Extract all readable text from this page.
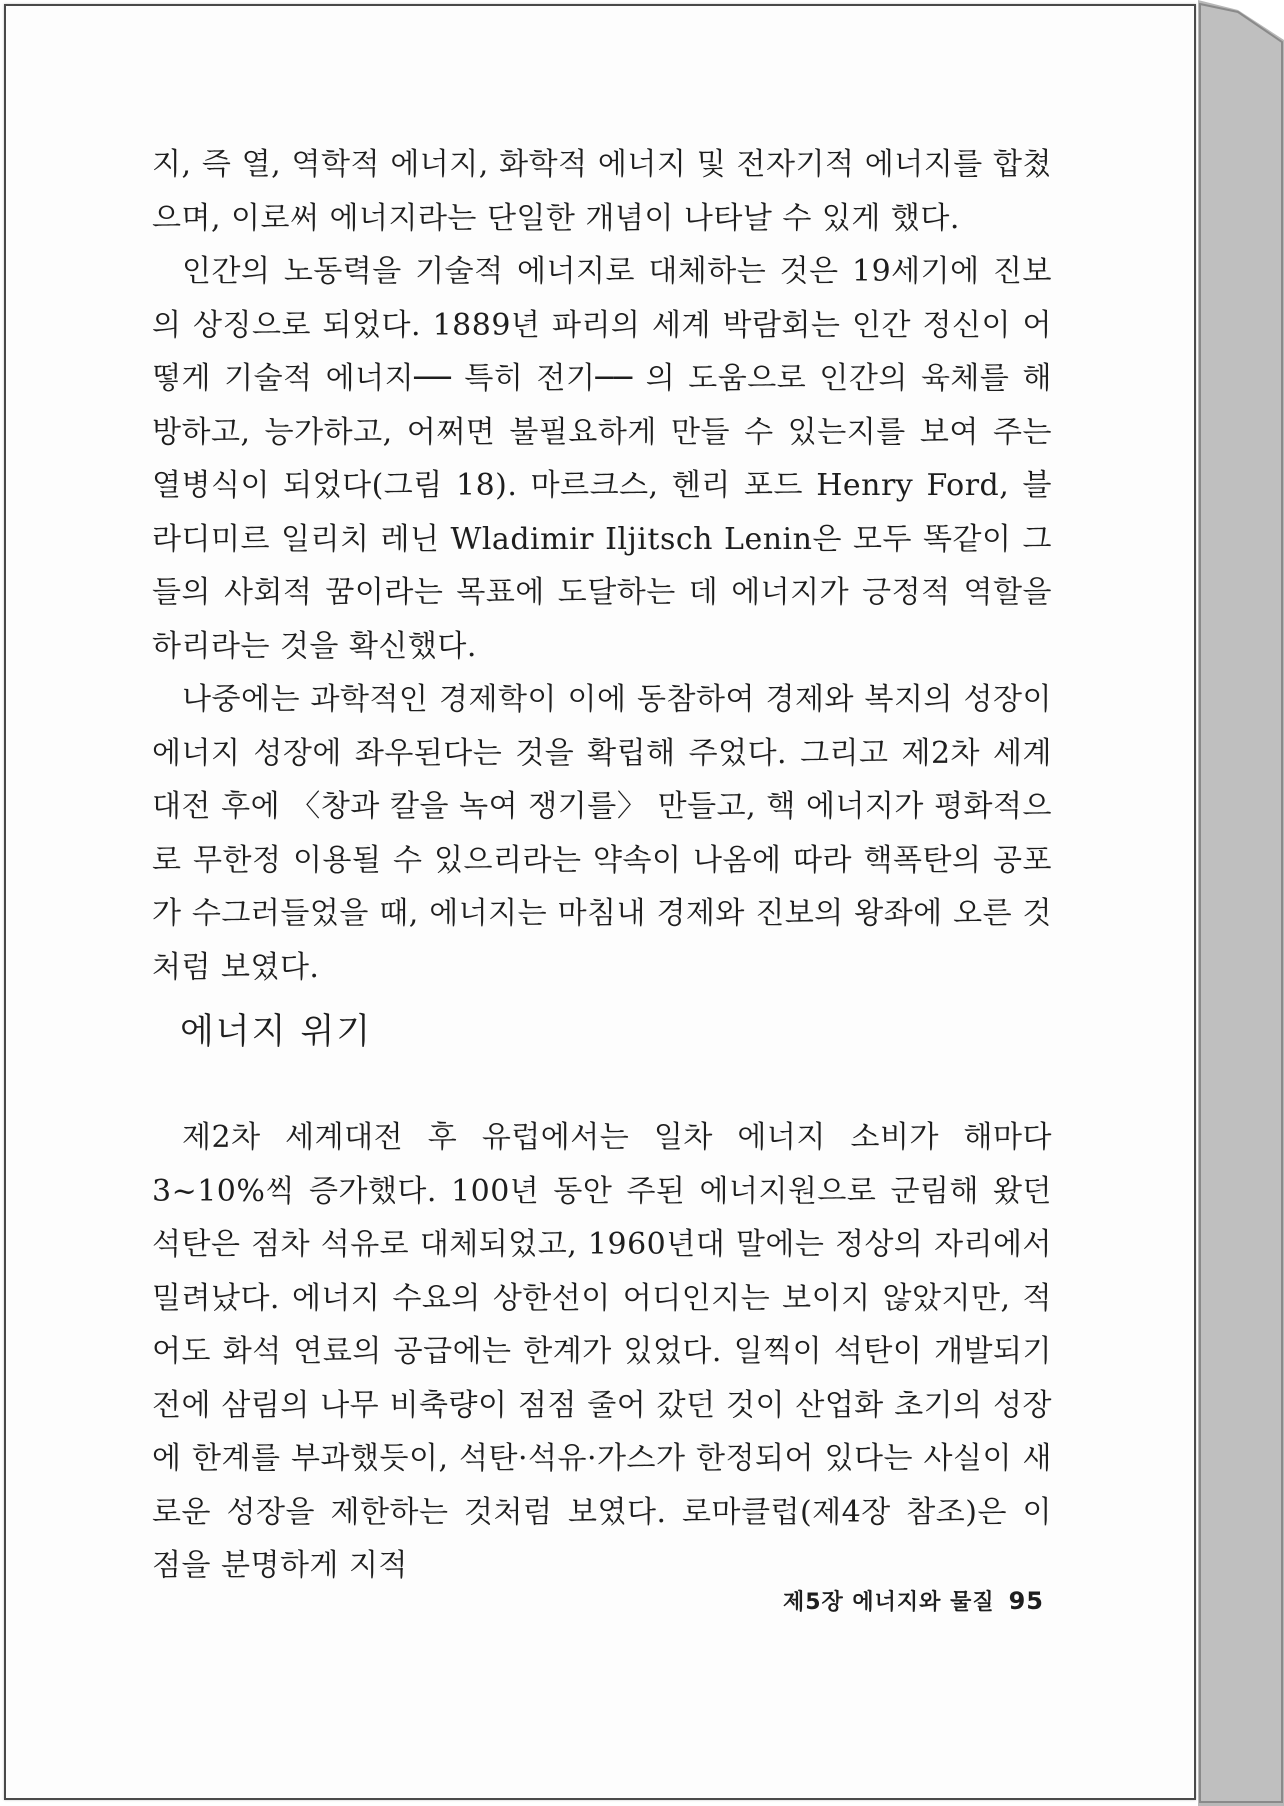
지, 즉 열, 역학적 에너지, 화학적 에너지 및 전자기적 에너지를 합쳤으며, 이로써 에너지라는 단일한 개념이 나타날 수 있게 했다.

인간의 노동력을 기술적 에너지로 대체하는 것은 19세기에 진보의 상징으로 되었다. 1889년 파리의 세계 박람회는 인간 정신이 어떻게 기술적 에너지── 특히 전기── 의 도움으로 인간의 육체를 해방하고, 능가하고, 어쩌면 불필요하게 만들 수 있는지를 보여 주는 열병식이 되었다(그림 18). 마르크스, 헨리 포드 Henry Ford, 블라디미르 일리치 레닌 Wladimir Iljitsch Lenin은 모두 똑같이 그들의 사회적 꿈이라는 목표에 도달하는 데 에너지가 긍정적 역할을 하리라는 것을 확신했다.

나중에는 과학적인 경제학이 이에 동참하여 경제와 복지의 성장이 에너지 성장에 좌우된다는 것을 확립해 주었다. 그리고 제2차 세계대전 후에 〈창과 칼을 녹여 쟁기를〉 만들고, 핵 에너지가 평화적으로 무한정 이용될 수 있으리라는 약속이 나옴에 따라 핵폭탄의 공포가 수그러들었을 때, 에너지는 마침내 경제와 진보의 왕좌에 오른 것처럼 보였다.

에너지 위기

제2차 세계대전 후 유럽에서는 일차 에너지 소비가 해마다 3~10%씩 증가했다. 100년 동안 주된 에너지원으로 군림해 왔던 석탄은 점차 석유로 대체되었고, 1960년대 말에는 정상의 자리에서 밀려났다. 에너지 수요의 상한선이 어디인지는 보이지 않았지만, 적어도 화석 연료의 공급에는 한계가 있었다. 일찍이 석탄이 개발되기 전에 삼림의 나무 비축량이 점점 줄어 갔던 것이 산업화 초기의 성장에 한계를 부과했듯이, 석탄·석유·가스가 한정되어 있다는 사실이 새로운 성장을 제한하는 것처럼 보였다. 로마클럽(제4장 참조)은 이 점을 분명하게 지적

제5장 에너지와 물질 95
